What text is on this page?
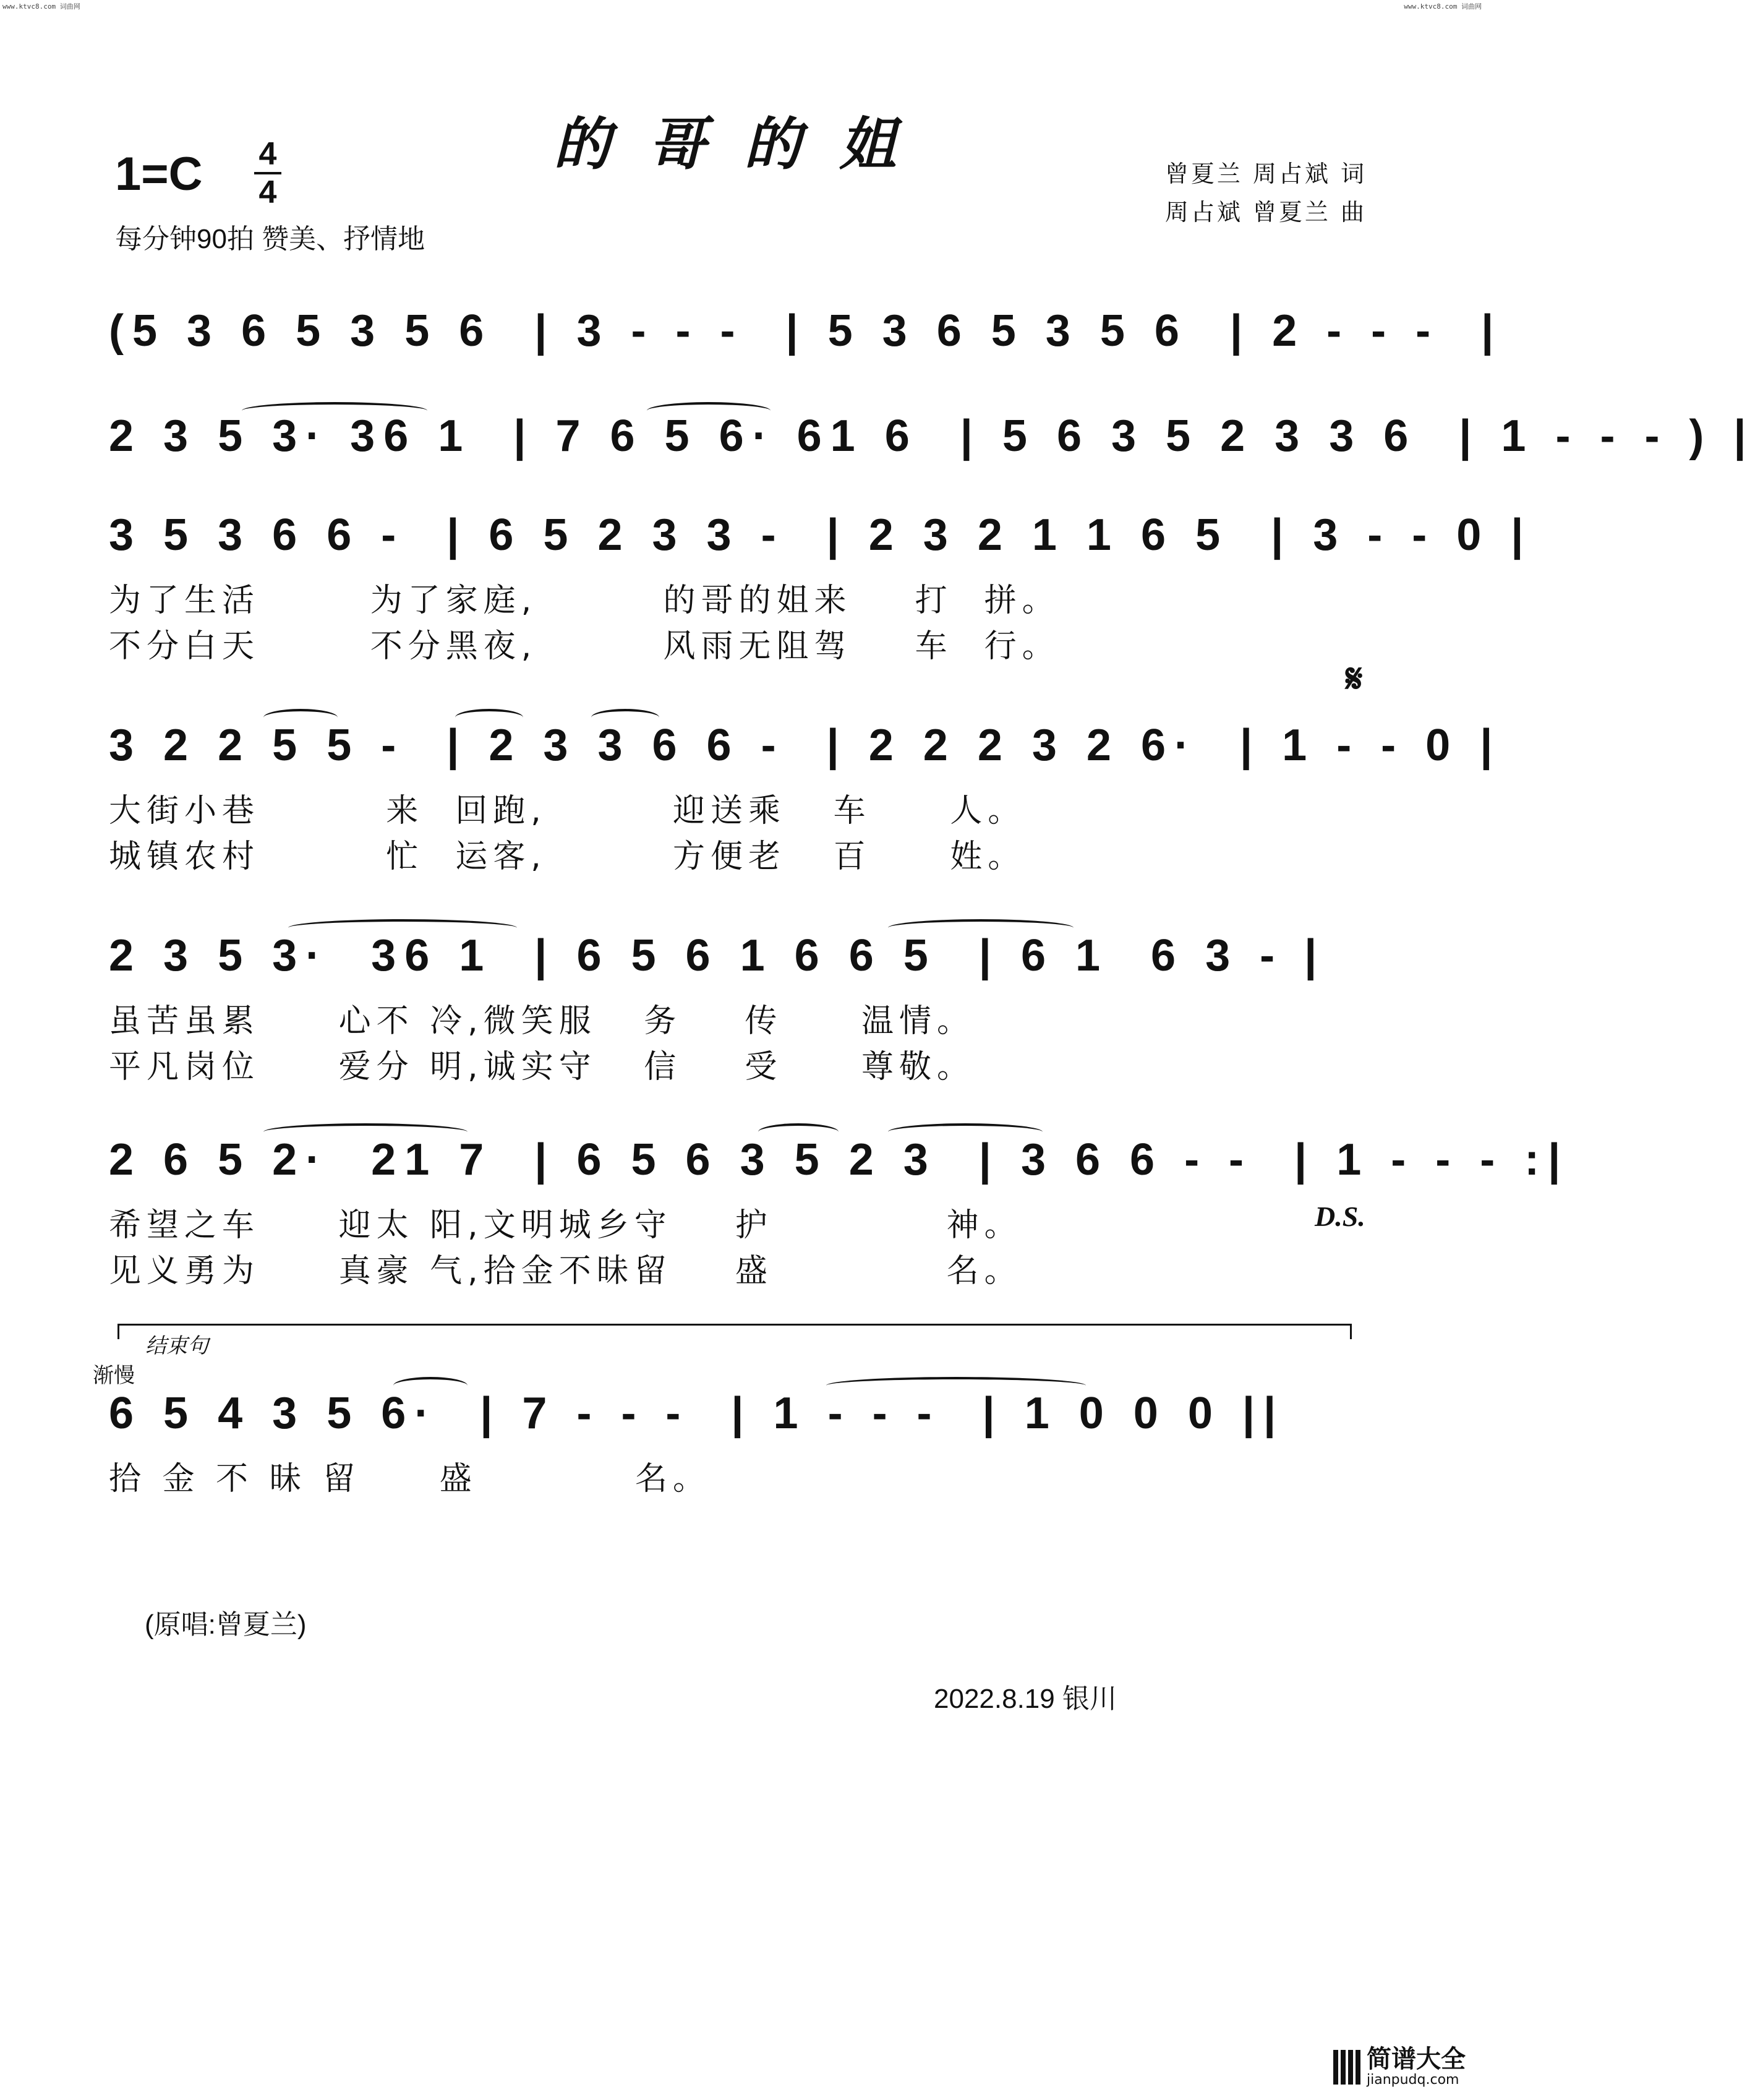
www.ktvc8.com 词曲网	www.ktvc8.com 词曲网
的哥的姐
1=C 4
4
每分钟90拍 赞美、抒情地
曾夏兰 周占斌 词
周占斌 曾夏兰 曲
(5 3 6 5 3 5 6  | 3 - - -  | 5 3 6 5 3 5 6  | 2 - - -  |
2 3 5 3· 36 1  | 7 6 5 6· 61 6  | 5 6 3 5 2 3 3 6  | 1 - - - ) |
3 5 3 6 6 -  | 6 5 2 3 3 -  | 2 3 2 1 1 6 5  | 3 - - 0 |
为了生活       为了家庭,        的哥的姐来    打  拼。
不分白天       不分黑夜,        风雨无阻驾    车  行。
3 2 2 5 5 -  | 2 3 3 6 6 -  | 2 2 2 3 2 6·  | 1 - - 0 |
𝄋
大街小巷        来  回跑,        迎送乘   车     人。
城镇农村        忙  运客,        方便老   百     姓。
2 3 5 3·  36 1  | 6 5 6 1 6 6 5  | 6 1  6 3 - |
虽苦虽累     心不 冷,微笑服   务    传     温情。
平凡岗位     爱分 明,诚实守   信    受     尊敬。
2 6 5 2·  21 7  | 6 5 6 3 5 2 3  | 3 6 6 - -  | 1 - - - :|
希望之车     迎太 阳,文明城乡守    护           神。
见义勇为     真豪 气,拾金不昧留    盛           名。
D.S.
结束句
渐慢
6 5 4 3 5 6·  | 7 - - -  | 1 - - -  | 1 0 0 0 ||
拾 金 不 昧 留     盛          名。
(原唱:曾夏兰)
2022.8.19 银川
简谱大全
jianpudq.com
